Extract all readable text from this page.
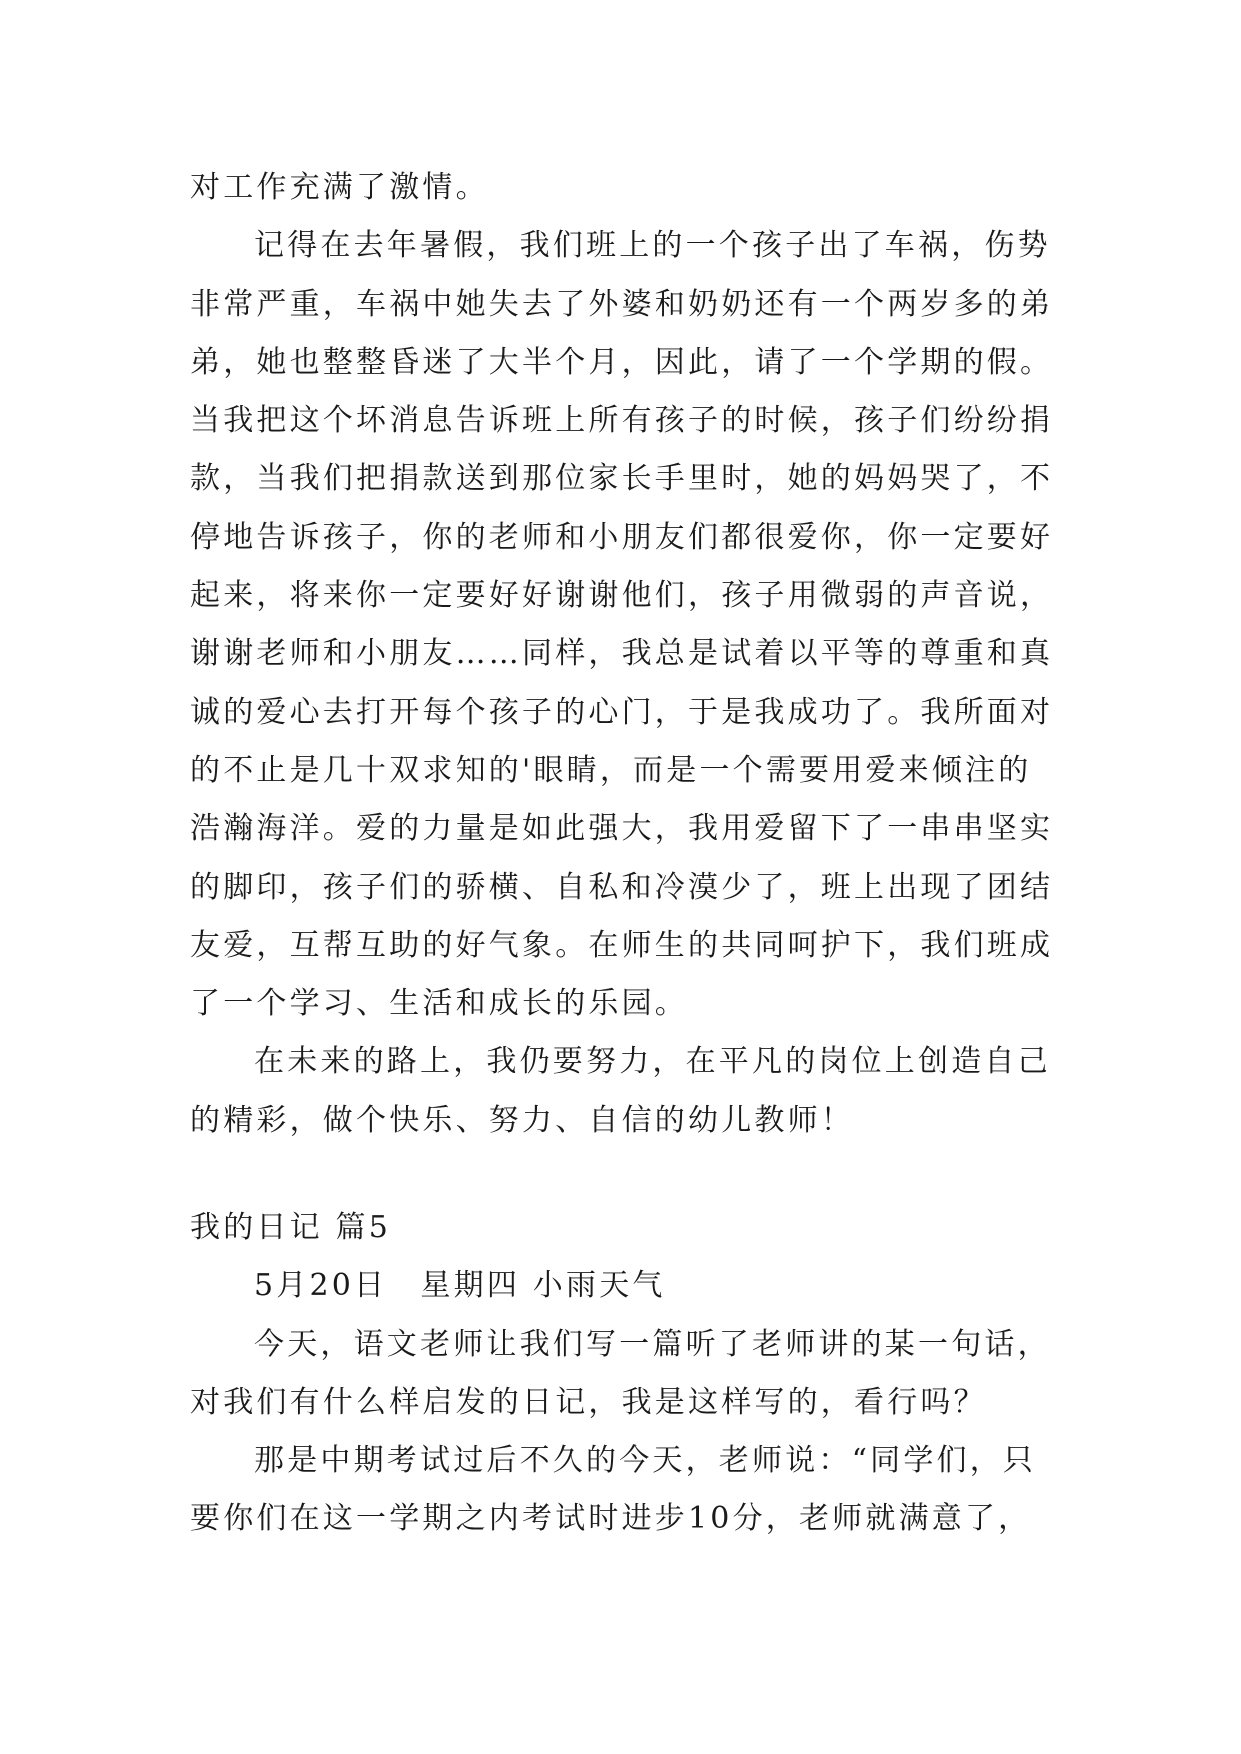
对工作充满了激情。
记得在去年暑假，我们班上的一个孩子出了车祸，伤势
非常严重，车祸中她失去了外婆和奶奶还有一个两岁多的弟
弟，她也整整昏迷了大半个月，因此，请了一个学期的假。
当我把这个坏消息告诉班上所有孩子的时候，孩子们纷纷捐
款，当我们把捐款送到那位家长手里时，她的妈妈哭了，不
停地告诉孩子，你的老师和小朋友们都很爱你，你一定要好
起来，将来你一定要好好谢谢他们，孩子用微弱的声音说，
谢谢老师和小朋友……同样，我总是试着以平等的尊重和真
诚的爱心去打开每个孩子的心门，于是我成功了。我所面对
的不止是几十双求知的'眼睛，而是一个需要用爱来倾注的
浩瀚海洋。爱的力量是如此强大，我用爱留下了一串串坚实
的脚印，孩子们的骄横、自私和冷漠少了，班上出现了团结
友爱，互帮互助的好气象。在师生的共同呵护下，我们班成
了一个学习、生活和成长的乐园。
在未来的路上，我仍要努力，在平凡的岗位上创造自己
的精彩，做个快乐、努力、自信的幼儿教师！
我的日记 篇5
5月20日　星期四 小雨天气
今天，语文老师让我们写一篇听了老师讲的某一句话，
对我们有什么样启发的日记，我是这样写的，看行吗？
那是中期考试过后不久的今天，老师说：“同学们，只
要你们在这一学期之内考试时进步10分，老师就满意了，
